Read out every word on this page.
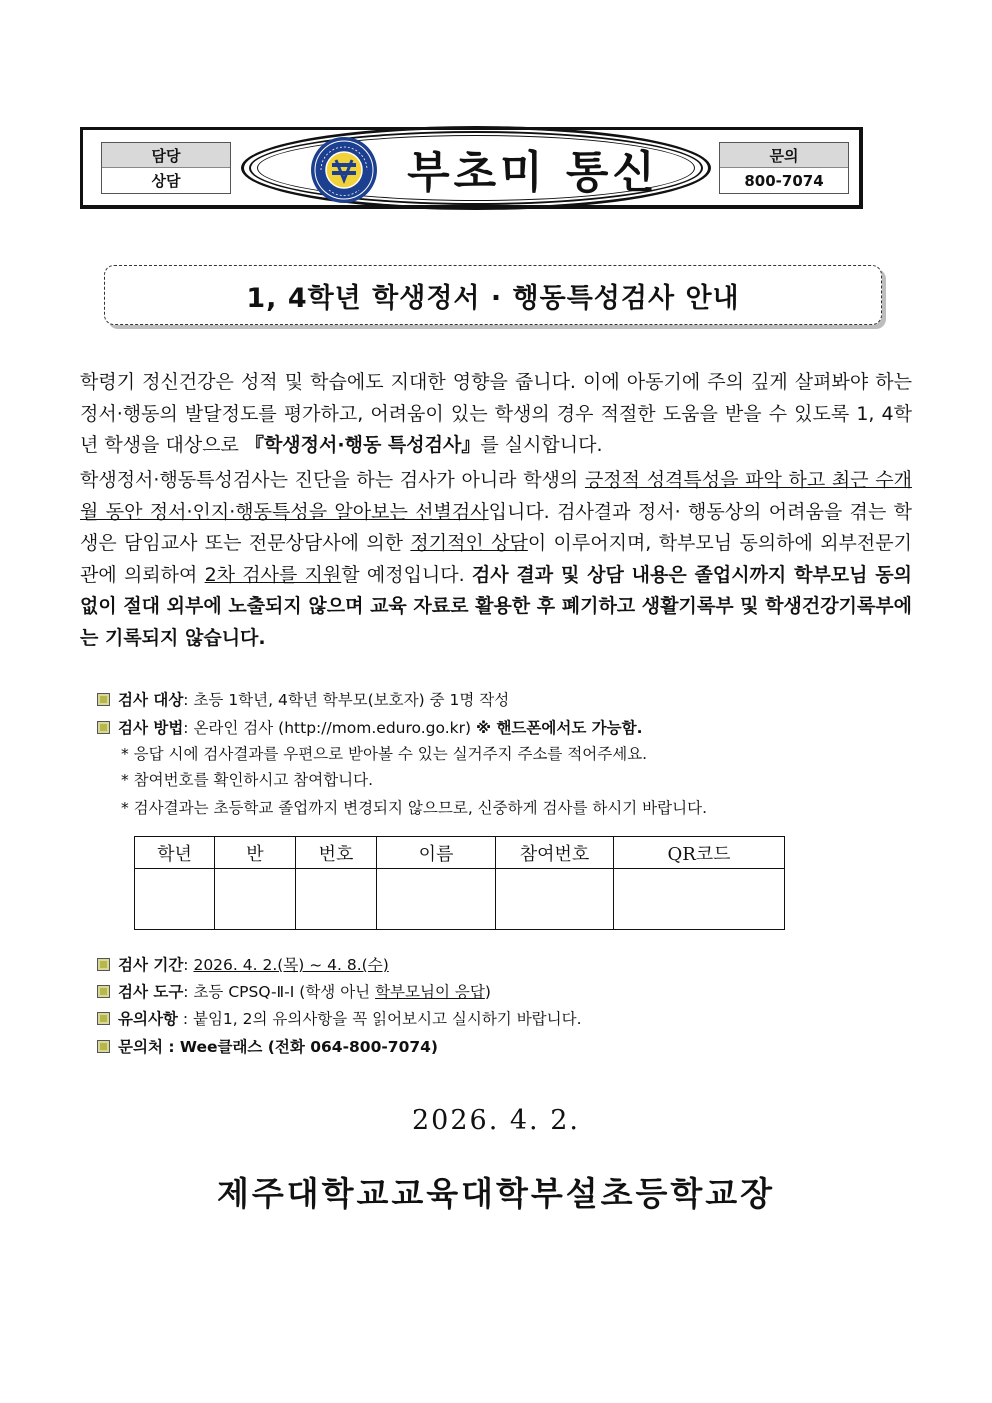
담당
상담	부초미 통신	문의
800-7074
1, 4학년 학생정서 · 행동특성검사 안내
학령기 정신건강은 성적 및 학습에도 지대한 영향을 줍니다. 이에 아동기에 주의 깊게 살펴봐야 하는 정서·행동의 발달정도를 평가하고, 어려움이 있는 학생의 경우 적절한 도움을 받을 수 있도록 1, 4학년 학생을 대상으로 『학생정서·행동 특성검사』를 실시합니다.
학생정서·행동특성검사는 진단을 하는 검사가 아니라 학생의 긍정적 성격특성을 파악 하고 최근 수개월 동안 정서·인지·행동특성을 알아보는 선별검사입니다. 검사결과 정서· 행동상의 어려움을 겪는 학생은 담임교사 또는 전문상담사에 의한 정기적인 상담이 이루어지며, 학부모님 동의하에 외부전문기관에 의뢰하여 2차 검사를 지원할 예정입니다. 검사 결과 및 상담 내용은 졸업시까지 학부모님 동의 없이 절대 외부에 노출되지 않으며 교육 자료로 활용한 후 폐기하고 생활기록부 및 학생건강기록부에는 기록되지 않습니다.
검사 대상: 초등 1학년, 4학년 학부모(보호자) 중 1명 작성
검사 방법: 온라인 검사 (http://mom.eduro.go.kr) ※ 핸드폰에서도 가능함.
* 응답 시에 검사결과를 우편으로 받아볼 수 있는 실거주지 주소를 적어주세요.
* 참여번호를 확인하시고 참여합니다.
* 검사결과는 초등학교 졸업까지 변경되지 않으므로, 신중하게 검사를 하시기 바랍니다.
학년	반	번호	이름	참여번호	QR코드

검사 기간: 2026. 4. 2.(목) ~ 4. 8.(수)
검사 도구: 초등 CPSQ-Ⅱ-Ⅰ (학생 아닌 학부모님이 응답)
유의사항 : 붙임1, 2의 유의사항을 꼭 읽어보시고 실시하기 바랍니다.
문의처 : Wee클래스 (전화 064-800-7074)
2026. 4. 2.
제주대학교교육대학부설초등학교장
